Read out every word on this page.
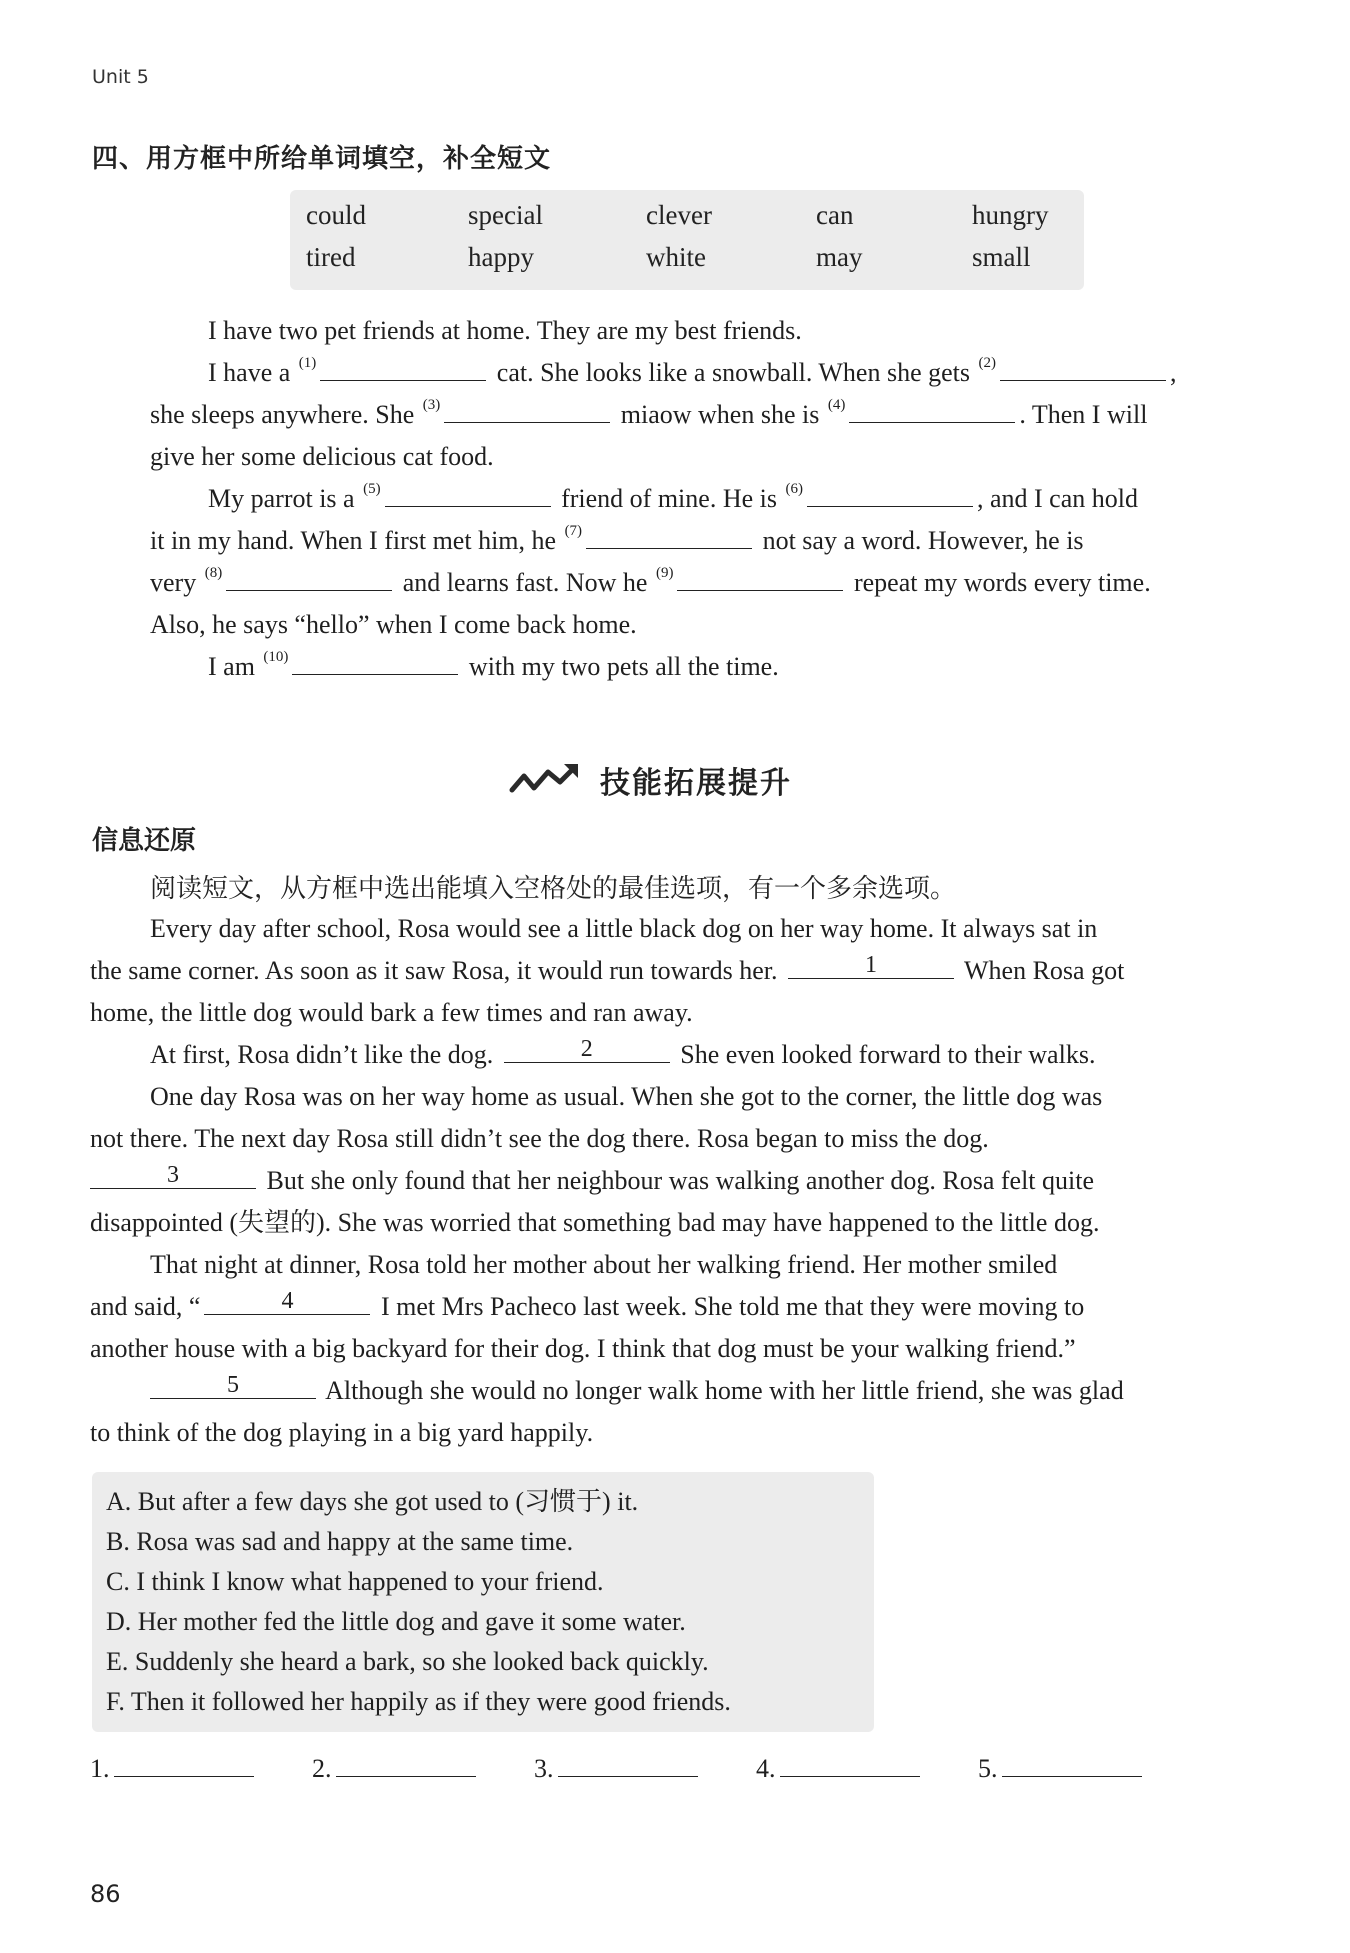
Unit 5
四、用方框中所给单词填空，补全短文
could	special	clever	can	hungry
tired	happy	white	may	small
I have two pet friends at home. They are my best friends.
I have a $^{(1)}$	cat. She looks like a snowball. When she gets $^{(2)}$	,
she sleeps anywhere. She $^{(3)}$	miaow when she is $^{(4)}$	. Then I will
give her some delicious cat food.
My parrot is a $^{(5)}$	friend of mine. He is $^{(6)}$	, and I can hold
it in my hand. When I first met him, he $^{(7)}$	not say a word. However, he is
very $^{(8)}$	and learns fast. Now he $^{(9)}$	repeat my words every time.
Also, he says “hello” when I come back home.
I am $^{(10)}$	with my two pets all the time.
技能拓展提升
信息还原
阅读短文，从方框中选出能填入空格处的最佳选项，有一个多余选项。
Every day after school, Rosa would see a little black dog on her way home. It always sat in
the same corner. As soon as it saw Rosa, it would run towards her.	1	When Rosa got
home, the little dog would bark a few times and ran away.
At first, Rosa didn’t like the dog.	2	She even looked forward to their walks.
One day Rosa was on her way home as usual. When she got to the corner, the little dog was
not there. The next day Rosa still didn’t see the dog there. Rosa began to miss the dog.
3	But she only found that her neighbour was walking another dog. Rosa felt quite
disappointed (失望的). She was worried that something bad may have happened to the little dog.
That night at dinner, Rosa told her mother about her walking friend. Her mother smiled
and said, “	4	I met Mrs Pacheco last week. She told me that they were moving to
another house with a big backyard for their dog. I think that dog must be your walking friend.”
5	Although she would no longer walk home with her little friend, she was glad
to think of the dog playing in a big yard happily.
A. But after a few days she got used to (习惯于) it.
B. Rosa was sad and happy at the same time.
C. I think I know what happened to your friend.
D. Her mother fed the little dog and gave it some water.
E. Suddenly she heard a bark, so she looked back quickly.
F. Then it followed her happily as if they were good friends.
1.	2.	3.	4.	5.
86
